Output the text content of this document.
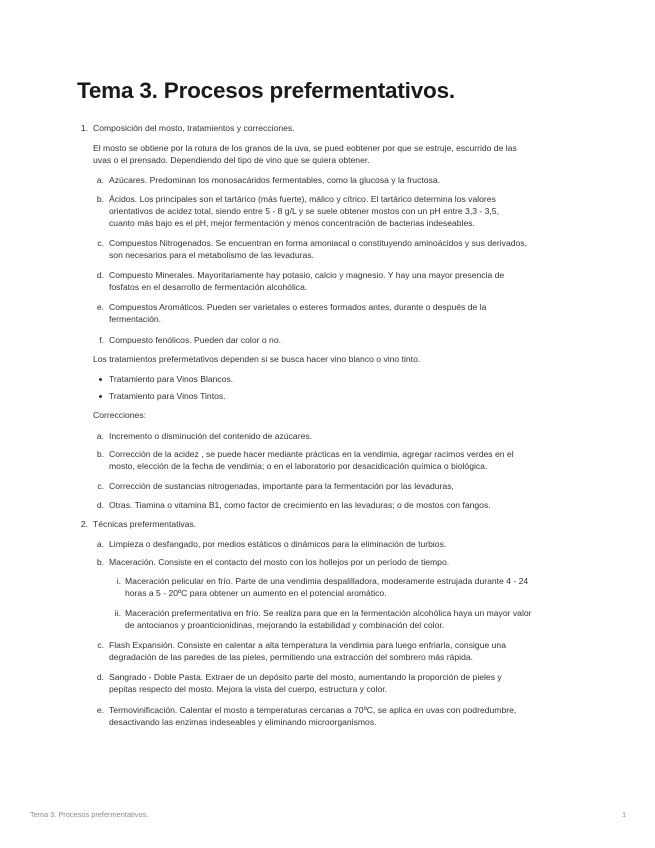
Tema 3. Procesos prefermentativos.
1. Composición del mosto, tratamientos y correcciones.
El mosto se obtiene por la rotura de los granos de la uva, se pued eobtener por que se estruje, escurrido de las
uvas o el prensado. Dependiendo del tipo de vino que se quiera obtener.
a. Azúcares. Predominan los monosacáridos fermentables, como la glucosa y la fructosa.
b. Ácidos. Los principales son el tartárico (más fuerte), málico y cítrico. El tartárico determina los valores
orientativos de acidez total, siendo entre 5 - 8 g/L y se suele obtener mostos con un pH entre 3,3 - 3,5,
cuanto más bajo es el pH, mejor fermentación y menos concentración de bacterias indeseables.
c. Compuestos Nitrogenados. Se encuentran en forma amoniacal o constituyendo aminoácidos y sus derivados,
son necesarios para el metabolismo de las levaduras.
d. Compuesto Minerales. Mayoritariamente hay potasio, calcio y magnesio. Y hay una mayor presencia de
fosfatos en el desarrollo de fermentación alcohólica.
e. Compuestos Aromáticos. Pueden ser varietales o esteres formados antes, durante o después de la
fermentación.
f. Compuesto fenólicos. Pueden dar color o no.
Los tratamientos prefermetativos dependen si se busca hacer vino blanco o vino tinto.
Tratamiento para Vinos Blancos.
Tratamiento para Vinos Tintos.
Correcciones:
a. Incremento o disminución del contenido de azúcares.
b. Corrección de la acidez , se puede hacer mediante prácticas en la vendimia, agregar racimos verdes en el
mosto, elección de la fecha de vendimia; o en el laboratorio por desacidicación química o biológica.
c. Corrección de sustancias nitrogenadas, importante para la fermentación por las levaduras,
d. Otras. Tiamina o vitamina B1, como factor de crecimiento en las levaduras; o de mostos con fangos.
2. Técnicas prefermentativas.
a. Limpieza o desfangado, por medios estáticos o dinámicos para la eliminación de turbios.
b. Maceración. Consiste en el contacto del mosto con los hollejos por un período de tiempo.
i. Maceración pelicular en frío. Parte de una vendimia despalilladora, moderamente estrujada durante 4 - 24
horas a 5 - 20ºC para obtener un aumento en el potencial aromático.
ii. Maceración prefermentativa en frío. Se realiza para que en la fermentación alcohólica haya un mayor valor
de antocianos y proanticionidinas, mejorando la estabilidad y combinación del color.
c. Flash Expansión. Consiste en calentar a alta temperatura la vendimia para luego enfriarla, consigue una
degradación de las paredes de las pieles, permitiendo una extracción del sombrero más rápida.
d. Sangrado - Doble Pasta. Extraer de un depósito parte del mosto, aumentando la proporción de pieles y
pepitas respecto del mosto. Mejora la vista del cuerpo, estructura y color.
e. Termovinificación. Calentar el mosto a temperaturas cercanas a 70ºC, se aplica en uvas con podredumbre,
desactivando las enzimas indeseables y eliminando microorganismos.
Tema 3. Procesos prefermentativos.	1
